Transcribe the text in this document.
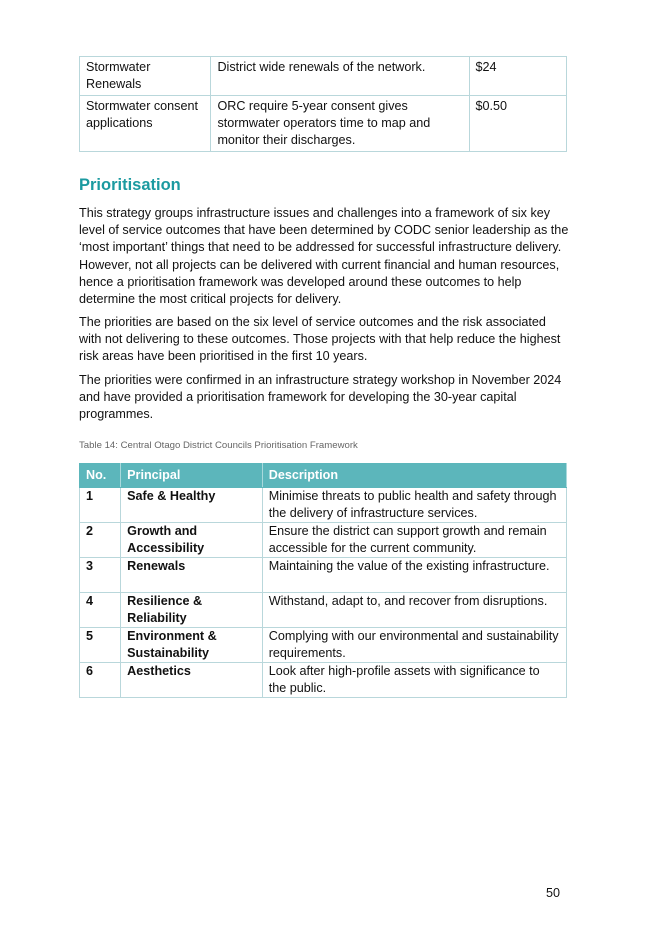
Stormwater Renewals	District wide renewals of the network.	$24
Stormwater consent applications	ORC require 5-year consent gives stormwater operators time to map and monitor their discharges.	$0.50
Prioritisation

This strategy groups infrastructure issues and challenges into a framework of six key level of service outcomes that have been determined by CODC senior leadership as the ‘most important’ things that need to be addressed for successful infrastructure delivery. However, not all projects can be delivered with current financial and human resources, hence a prioritisation framework was developed around these outcomes to help determine the most critical projects for delivery.

The priorities are based on the six level of service outcomes and the risk associated with not delivering to these outcomes. Those projects with that help reduce the highest risk areas have been prioritised in the first 10 years.

The priorities were confirmed in an infrastructure strategy workshop in November 2024 and have provided a prioritisation framework for developing the 30-year capital programmes.

Table 14: Central Otago District Councils Prioritisation Framework

No.	Principal	Description
1	Safe & Healthy	Minimise threats to public health and safety through the delivery of infrastructure services.
2	Growth and Accessibility	Ensure the district can support growth and remain accessible for the current community.
3	Renewals	Maintaining the value of the existing infrastructure.
4	Resilience & Reliability	Withstand, adapt to, and recover from disruptions.
5	Environment & Sustainability	Complying with our environmental and sustainability requirements.
6	Aesthetics	Look after high-profile assets with significance to the public.

50
